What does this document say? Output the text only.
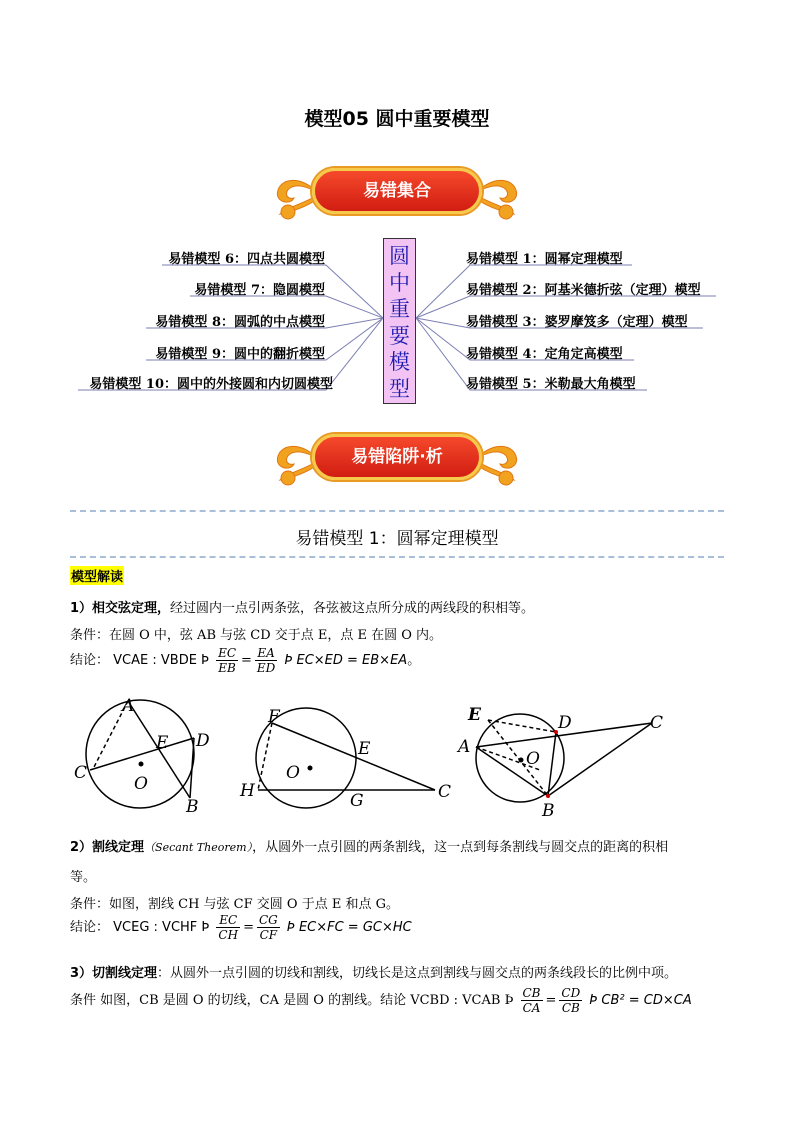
模型05 圆中重要模型
易错集合
易错模型 6：四点共圆模型
易错模型 7：隐圆模型
易错模型 8：圆弧的中点模型
易错模型 9：圆中的翻折模型
易错模型 10：圆中的外接圆和内切圆模型
圆
中
重
要
模
型
易错模型 1：圆幂定理模型
易错模型 2：阿基米德折弦（定理）模型
易错模型 3：婆罗摩笈多（定理）模型
易错模型 4：定角定高模型
易错模型 5：米勒最大角模型
易错陷阱·析
易错模型 1：圆幂定理模型
模型解读
1）相交弦定理，经过圆内一点引两条弦，各弦被这点所分成的两线段的积相等。
条件：在圆 O 中，弦 AB 与弦 CD 交于点 E，点 E 在圆 O 内。
结论： VCAE : VBDE Þ $\frac{EC}{EB} = \frac{EA}{ED}$ Þ EC×ED = EB×EA。
A
E D
C
O
B
F
E
O
H	G	C
E	D	C
A
O
B
2）割线定理（Secant Theorem），从圆外一点引圆的两条割线，这一点到每条割线与圆交点的距离的积相
等。
条件：如图，割线 CH 与弦 CF 交圆 O 于点 E 和点 G。
结论： VCEG : VCHF Þ $\frac{EC}{CH} = \frac{CG}{CF}$ Þ EC×FC = GC×HC
3）切割线定理：从圆外一点引圆的切线和割线，切线长是这点到割线与圆交点的两条线段长的比例中项。
条件 如图，CB 是圆 O 的切线，CA 是圆 O 的割线。结论 VCBD : VCAB Þ $\frac{CB}{CA} = \frac{CD}{CB}$ Þ CB² = CD×CA
